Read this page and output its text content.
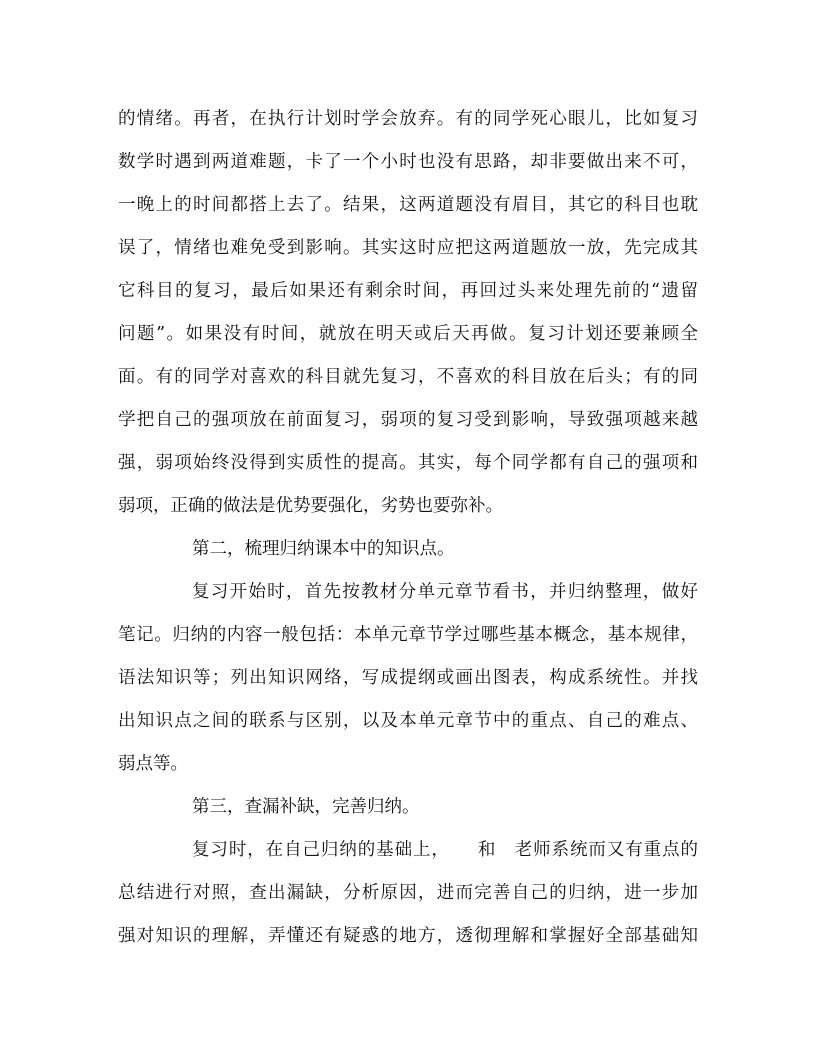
的情绪。再者，在执行计划时学会放弃。有的同学死心眼儿，比如复习
数学时遇到两道难题，卡了一个小时也没有思路，却非要做出来不可，
一晚上的时间都搭上去了。结果，这两道题没有眉目，其它的科目也耽
误了，情绪也难免受到影响。其实这时应把这两道题放一放，先完成其
它科目的复习，最后如果还有剩余时间，再回过头来处理先前的“遗留
问题”。如果没有时间，就放在明天或后天再做。复习计划还要兼顾全
面。有的同学对喜欢的科目就先复习，不喜欢的科目放在后头；有的同
学把自己的强项放在前面复习，弱项的复习受到影响，导致强项越来越
强，弱项始终没得到实质性的提高。其实，每个同学都有自己的强项和
弱项，正确的做法是优势要强化，劣势也要弥补。
第二，梳理归纳课本中的知识点。
复习开始时，首先按教材分单元章节看书，并归纳整理，做好
笔记。归纳的内容一般包括：本单元章节学过哪些基本概念，基本规律，
语法知识等；列出知识网络，写成提纲或画出图表，构成系统性。并找
出知识点之间的联系与区别，以及本单元章节中的重点、自己的难点、
弱点等。
第三，查漏补缺，完善归纳。
复习时，在自己归纳的基础上，　　和　老师系统而又有重点的
总结进行对照，查出漏缺，分析原因，进而完善自己的归纳，进一步加
强对知识的理解，弄懂还有疑惑的地方，透彻理解和掌握好全部基础知
